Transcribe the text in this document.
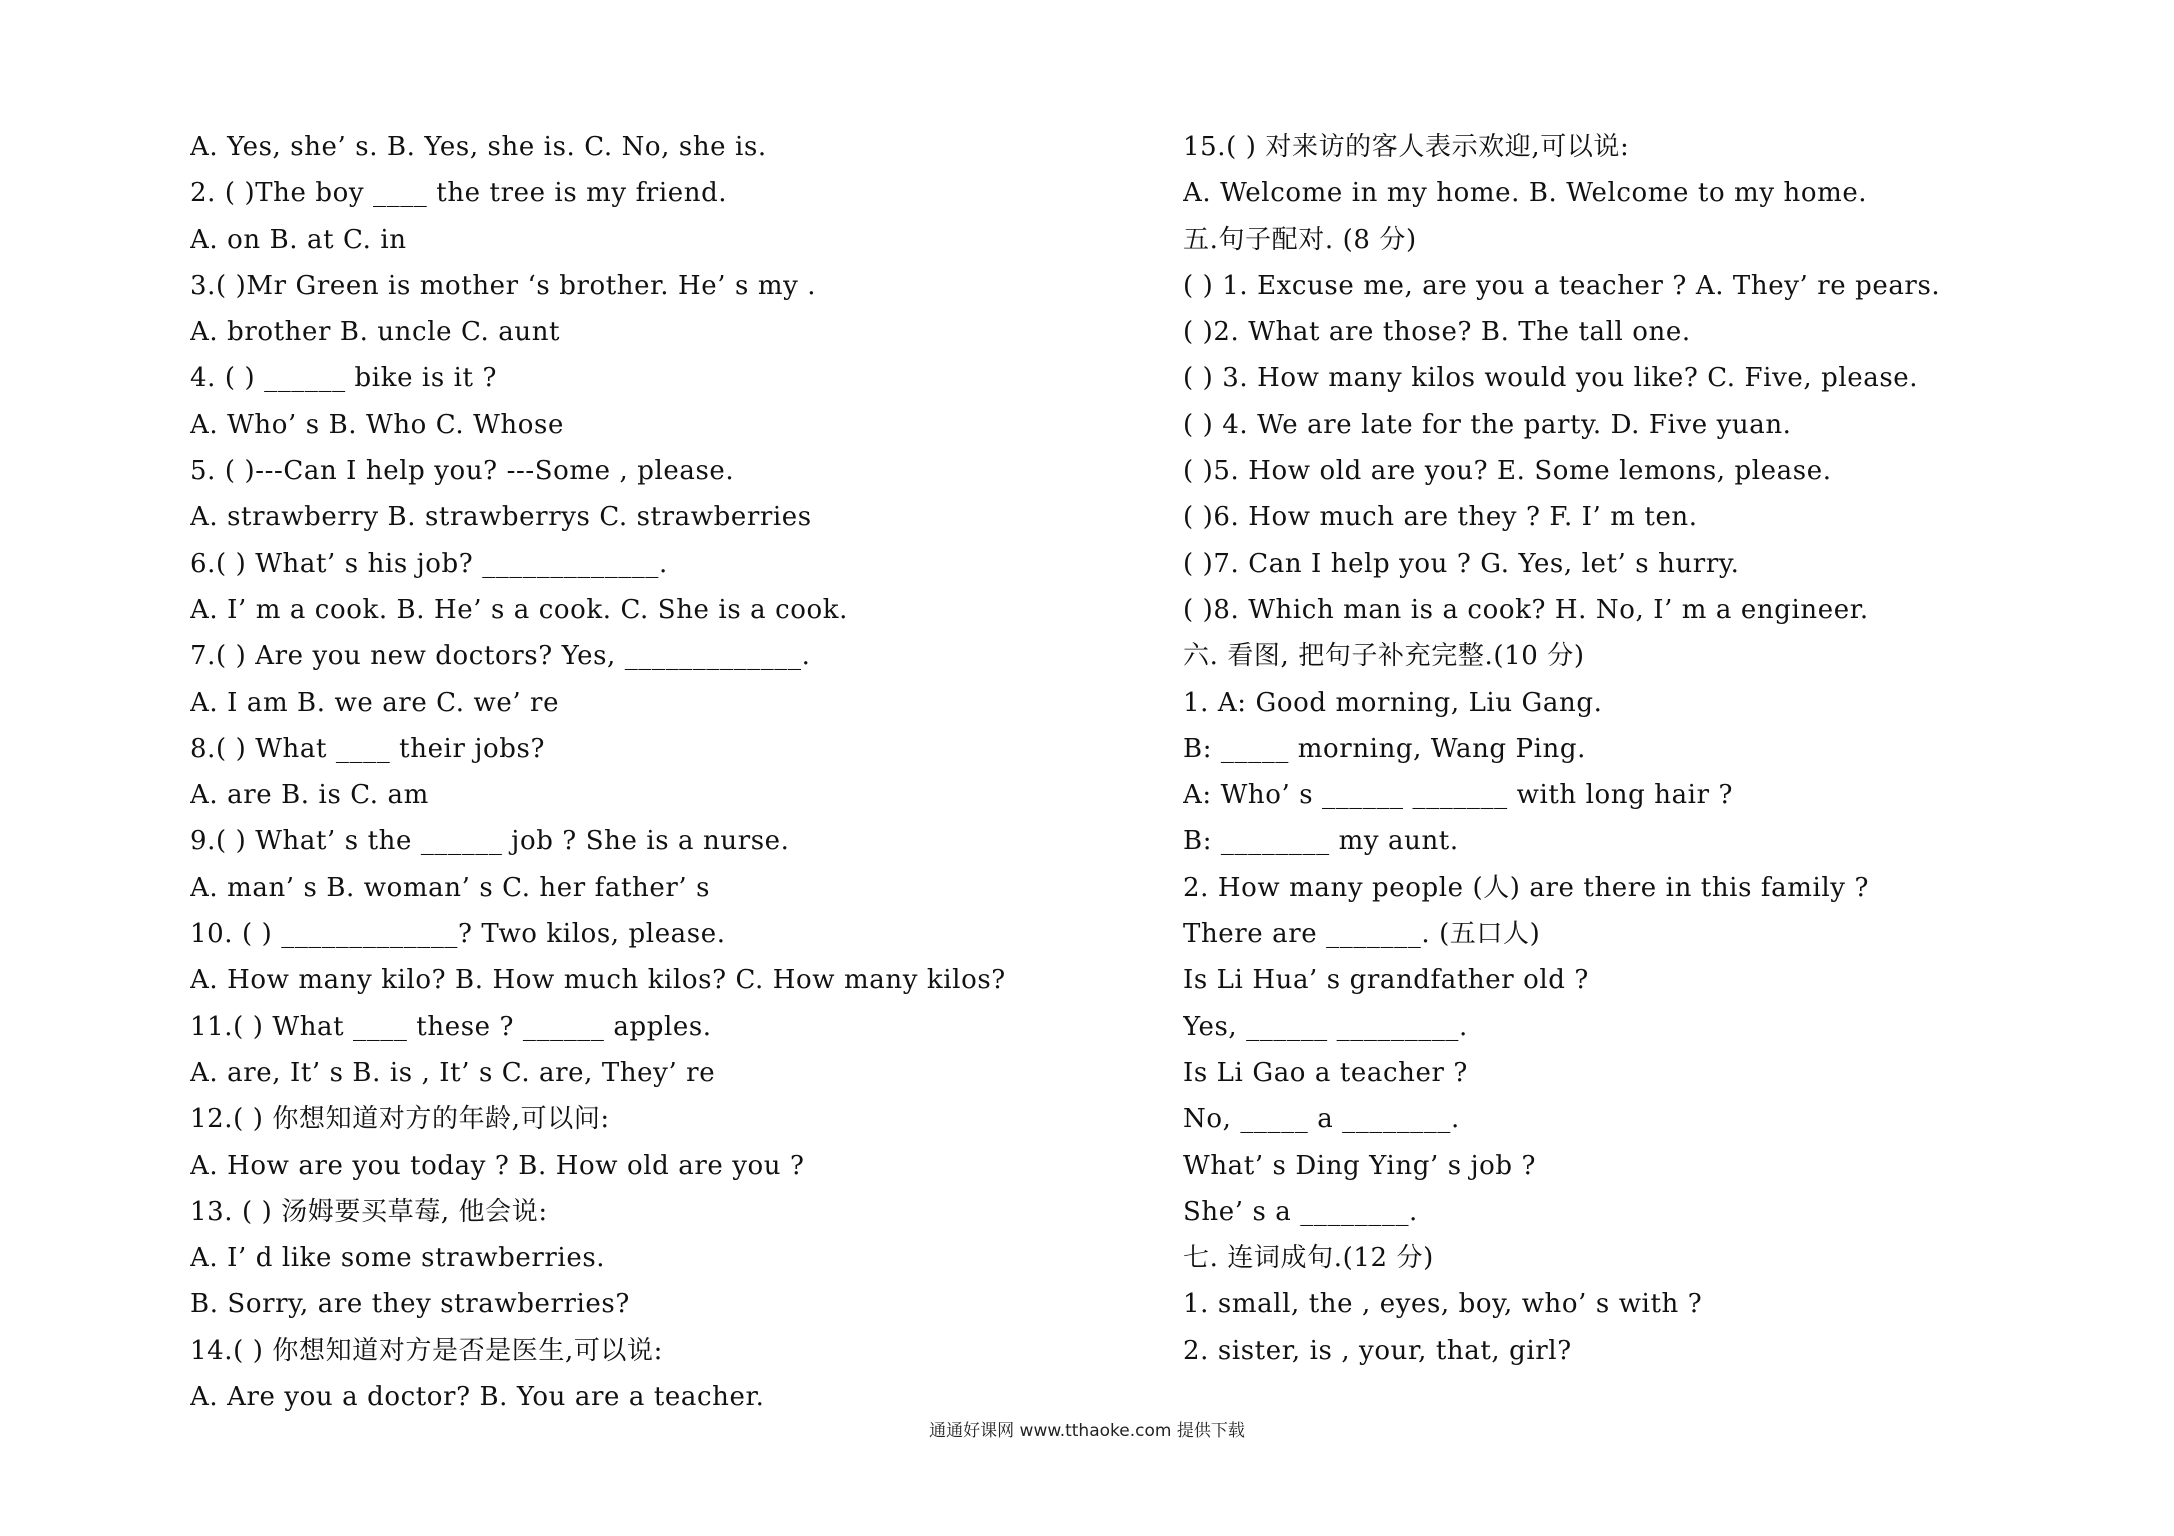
A. Yes, she’ s. B. Yes, she is. C. No, she is.
2. ( )The boy ____ the tree is my friend.
A. on B. at C. in
3.( )Mr Green is mother ‘s brother. He’ s my .
A. brother B. uncle C. aunt
4. ( ) ______ bike is it ?
A. Who’ s B. Who C. Whose
5. ( )---Can I help you? ---Some , please.
A. strawberry B. strawberrys C. strawberries
6.( ) What’ s his job? _____________.
A. I’ m a cook. B. He’ s a cook. C. She is a cook.
7.( ) Are you new doctors? Yes, _____________.
A. I am B. we are C. we’ re
8.( ) What ____ their jobs?
A. are B. is C. am
9.( ) What’ s the ______ job ? She is a nurse.
A. man’ s B. woman’ s C. her father’ s
10. ( ) _____________? Two kilos, please.
A. How many kilo? B. How much kilos? C. How many kilos?
11.( ) What ____ these ? ______ apples.
A. are, It’ s B. is , It’ s C. are, They’ re
12.( ) 你想知道对方的年龄,可以问:
A. How are you today ? B. How old are you ?
13. ( ) 汤姆要买草莓, 他会说:
A. I’ d like some strawberries.
B. Sorry, are they strawberries?
14.( ) 你想知道对方是否是医生,可以说:
A. Are you a doctor? B. You are a teacher.
15.( ) 对来访的客人表示欢迎,可以说:
A. Welcome in my home. B. Welcome to my home.
五.句子配对. (8 分)
( ) 1. Excuse me, are you a teacher ? A. They’ re pears.
( )2. What are those? B. The tall one.
( ) 3. How many kilos would you like? C. Five, please.
( ) 4. We are late for the party. D. Five yuan.
( )5. How old are you? E. Some lemons, please.
( )6. How much are they ? F. I’ m ten.
( )7. Can I help you ? G. Yes, let’ s hurry.
( )8. Which man is a cook? H. No, I’ m a engineer.
六. 看图, 把句子补充完整.(10 分)
1. A: Good morning, Liu Gang.
B: _____ morning, Wang Ping.
A: Who’ s ______ _______ with long hair ?
B: ________ my aunt.
2. How many people (人) are there in this family ?
There are _______. (五口人)
Is Li Hua’ s grandfather old ?
Yes, ______ _________.
Is Li Gao a teacher ?
No, _____ a ________.
What’ s Ding Ying’ s job ?
She’ s a ________.
七. 连词成句.(12 分)
1. small, the , eyes, boy, who’ s with ?
2. sister, is , your, that, girl?
通通好课网 www.tthaoke.com 提供下载
